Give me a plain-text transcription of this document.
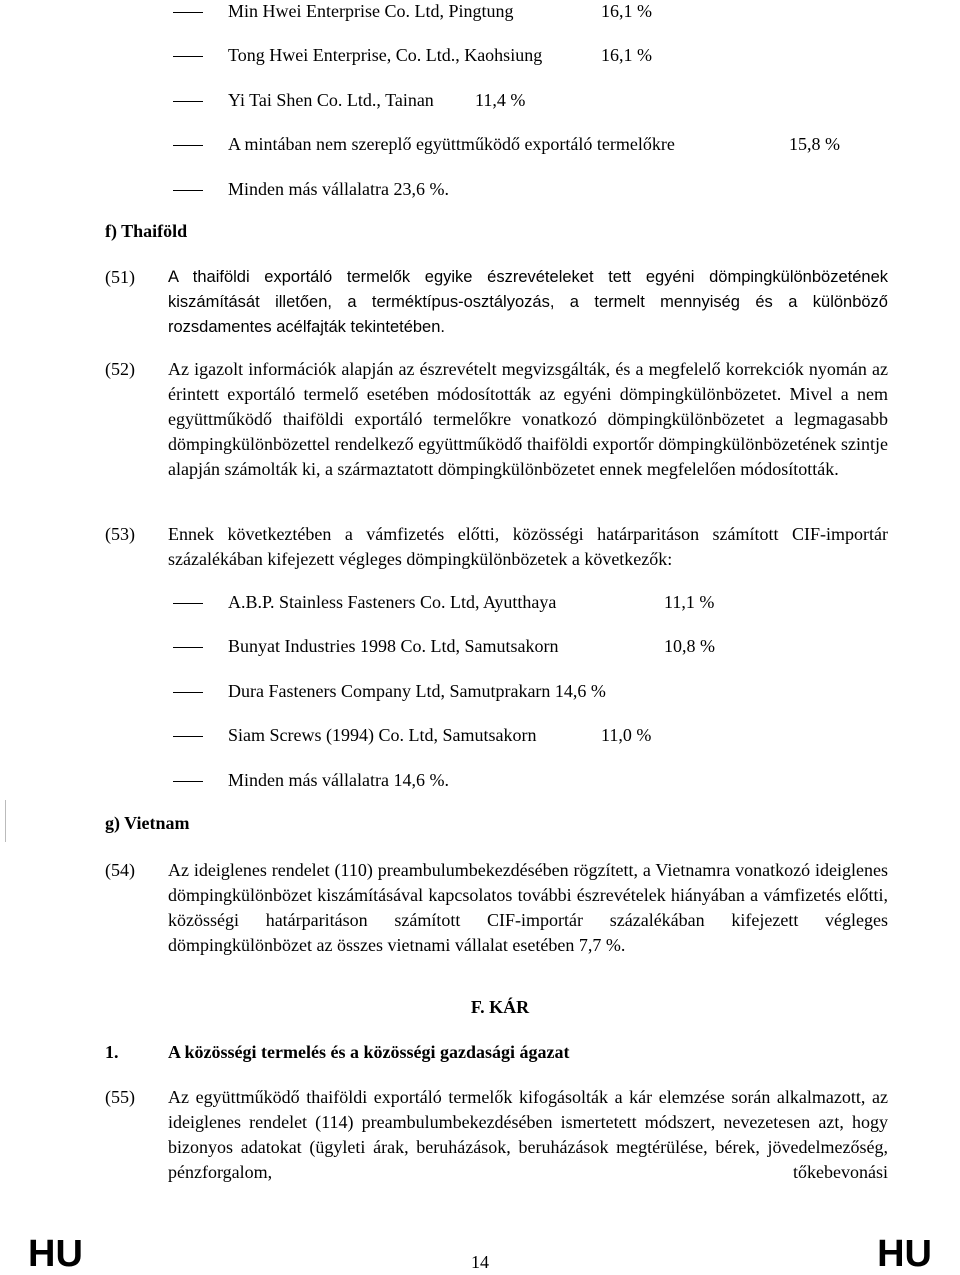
Min Hwei Enterprise Co. Ltd, Pingtung	16,1 %
Tong Hwei Enterprise, Co. Ltd., Kaohsiung	16,1 %
Yi Tai Shen Co. Ltd., Tainan 11,4 %
A mintában nem szereplő együttműködő exportáló termelőkre	15,8 %
Minden más vállalatra 23,6 %.
f) Thaiföld
(51) A thaiföldi exportáló termelők egyike észrevételeket tett egyéni dömpingkülönbözetének kiszámítását illetően, a terméktípus-osztályozás, a termelt mennyiség és a különböző rozsdamentes acélfajták tekintetében.
(52) Az igazolt információk alapján az észrevételt megvizsgálták, és a megfelelő korrekciók nyomán az érintett exportáló termelő esetében módosították az egyéni dömpingkülönbözetet. Mivel a nem együttműködő thaiföldi exportáló termelőkre vonatkozó dömpingkülönbözetet a legmagasabb dömpingkülönbözettel rendelkező együttműködő thaiföldi exportőr dömpingkülönbözetének szintje alapján számolták ki, a származtatott dömpingkülönbözetet ennek megfelelően módosították.
(53) Ennek következtében a vámfizetés előtti, közösségi határparitáson számított CIF-importár százalékában kifejezett végleges dömpingkülönbözetek a következők:
A.B.P. Stainless Fasteners Co. Ltd, Ayutthaya	11,1 %
Bunyat Industries 1998 Co. Ltd, Samutsakorn	10,8 %
Dura Fasteners Company Ltd, Samutprakarn 14,6 %
Siam Screws (1994) Co. Ltd, Samutsakorn	11,0 %
Minden más vállalatra 14,6 %.
g) Vietnam
(54) Az ideiglenes rendelet (110) preambulumbekezdésében rögzített, a Vietnamra vonatkozó ideiglenes dömpingkülönbözet kiszámításával kapcsolatos további észrevételek hiányában a vámfizetés előtti, közösségi határparitáson számított CIF-importár százalékában kifejezett végleges dömpingkülönbözet az összes vietnami vállalat esetében 7,7 %.
F. KÁR
1.	A közösségi termelés és a közösségi gazdasági ágazat
(55) Az együttműködő thaiföldi exportáló termelők kifogásolták a kár elemzése során alkalmazott, az ideiglenes rendelet (114) preambulumbekezdésében ismertetett módszert, nevezetesen azt, hogy bizonyos adatokat (ügyleti árak, beruházások, beruházások megtérülése, bérek, jövedelmezőség, pénzforgalom, tőkebevonási
HU	14	HU
